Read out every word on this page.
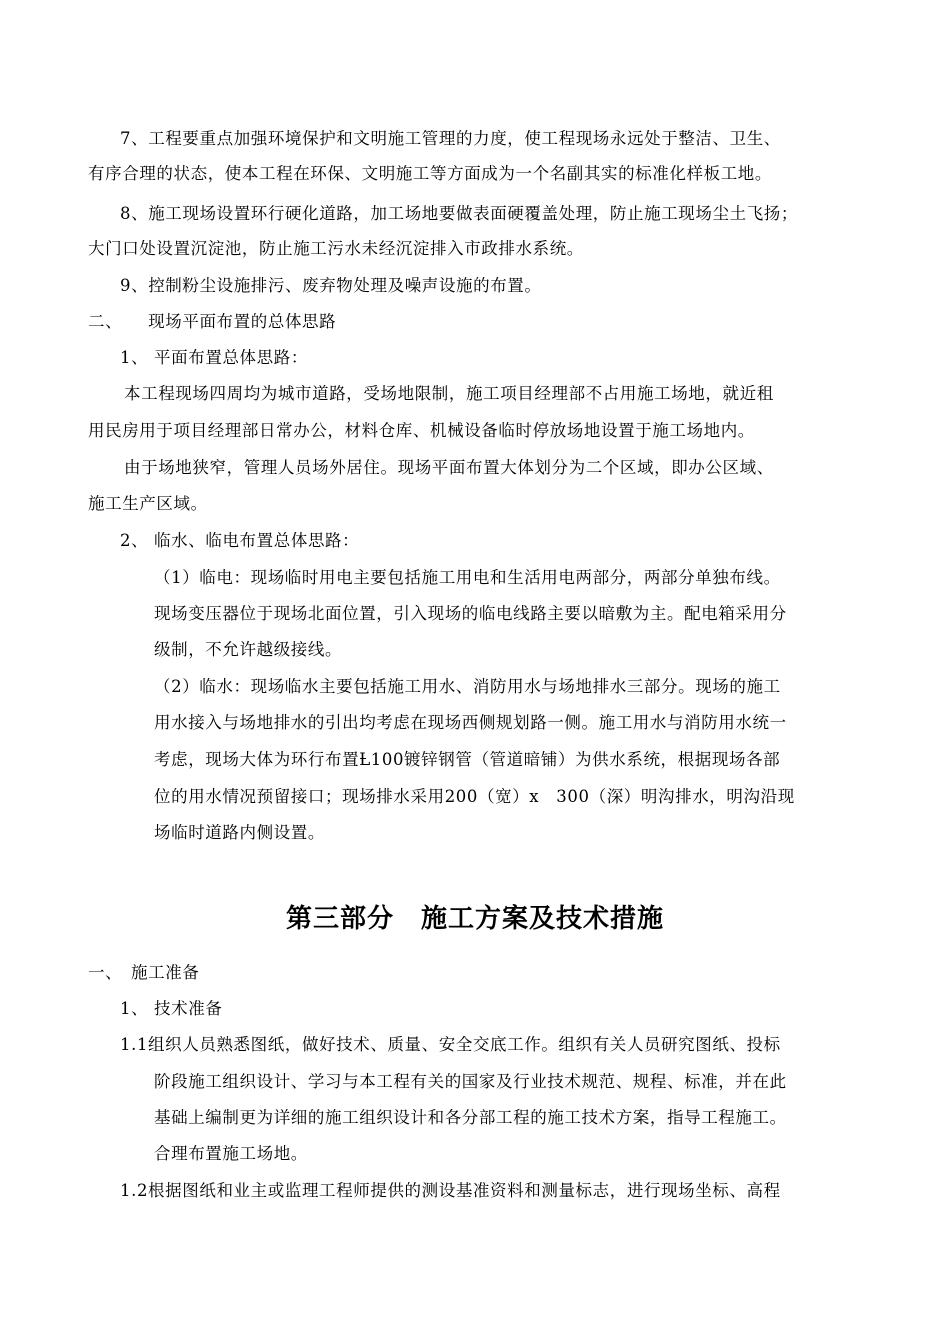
7、工程要重点加强环境保护和文明施工管理的力度，使工程现场永远处于整洁、卫生、
有序合理的状态，使本工程在环保、文明施工等方面成为一个名副其实的标准化样板工地。
8、施工现场设置环行硬化道路，加工场地要做表面硬覆盖处理，防止施工现场尘土飞扬；
大门口处设置沉淀池，防止施工污水未经沉淀排入市政排水系统。
9、控制粉尘设施排污、废弃物处理及噪声设施的布置。
二、　　现场平面布置的总体思路
1、 平面布置总体思路：
本工程现场四周均为城市道路，受场地限制，施工项目经理部不占用施工场地，就近租
用民房用于项目经理部日常办公，材料仓库、机械设备临时停放场地设置于施工场地内。
由于场地狭窄，管理人员场外居住。现场平面布置大体划分为二个区域，即办公区域、
施工生产区域。
2、 临水、临电布置总体思路：
（1）临电：现场临时用电主要包括施工用电和生活用电两部分，两部分单独布线。
现场变压器位于现场北面位置，引入现场的临电线路主要以暗敷为主。配电箱采用分
级制，不允许越级接线。
（2）临水：现场临水主要包括施工用水、消防用水与场地排水三部分。现场的施工
用水接入与场地排水的引出均考虑在现场西侧规划路一侧。施工用水与消防用水统一
考虑，现场大体为环行布置Ƚ100镀锌钢管（管道暗铺）为供水系统，根据现场各部
位的用水情况预留接口；现场排水采用200（宽）x　300（深）明沟排水，明沟沿现
场临时道路内侧设置。
第三部分　施工方案及技术措施
一、　施工准备
1、 技术准备
1.1组织人员熟悉图纸，做好技术、质量、安全交底工作。组织有关人员研究图纸、投标
阶段施工组织设计、学习与本工程有关的国家及行业技术规范、规程、标准，并在此
基础上编制更为详细的施工组织设计和各分部工程的施工技术方案，指导工程施工。
合理布置施工场地。
1.2根据图纸和业主或监理工程师提供的测设基准资料和测量标志，进行现场坐标、高程
